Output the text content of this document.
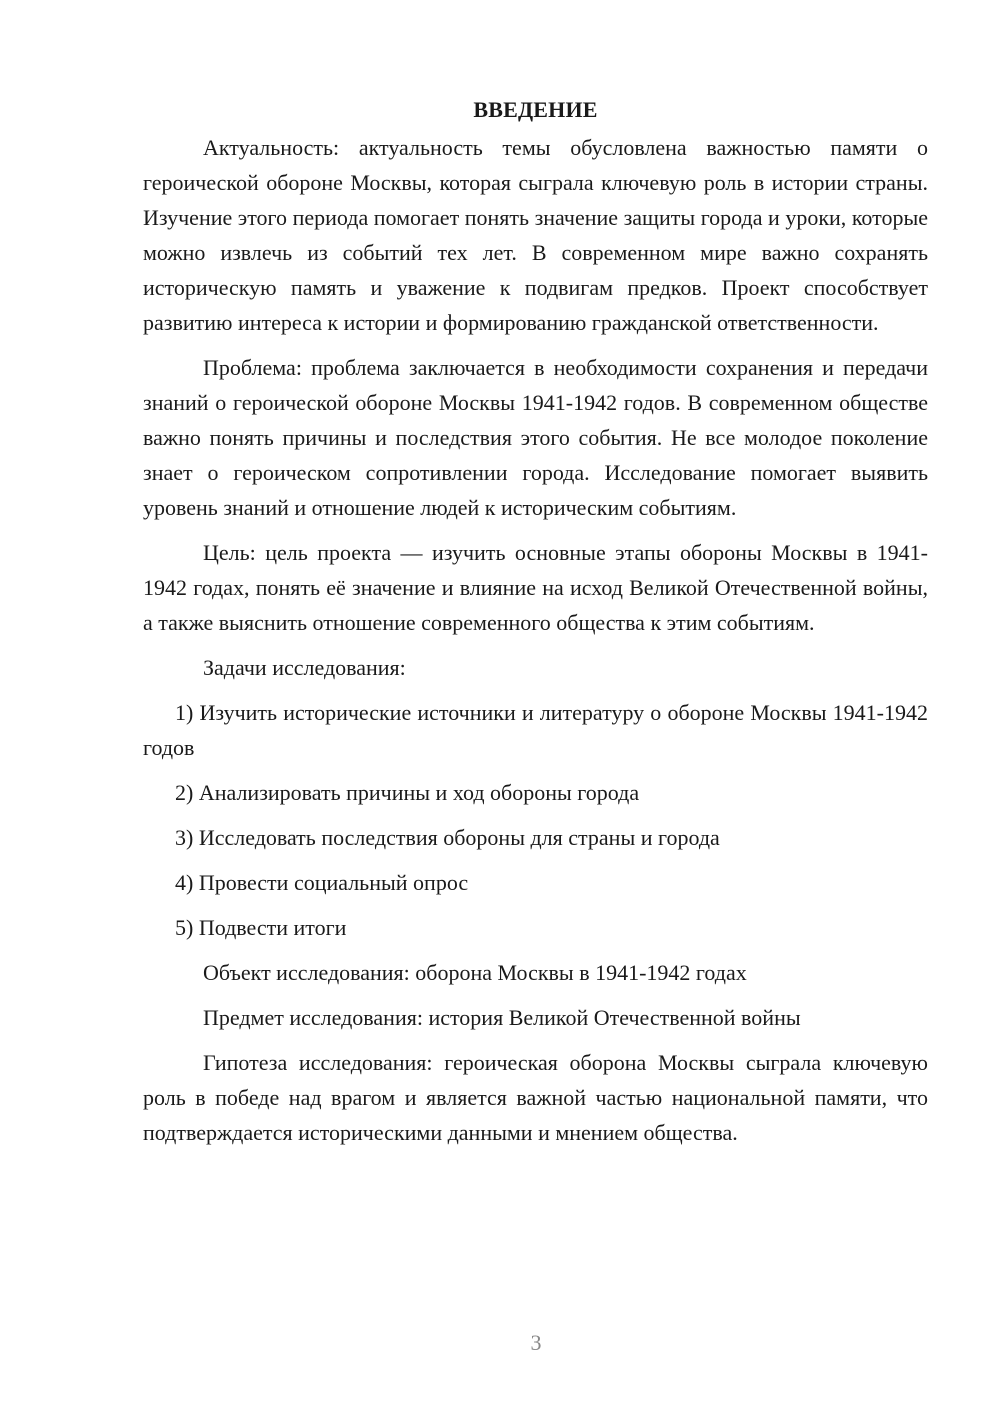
ВВЕДЕНИЕ

Актуальность: актуальность темы обусловлена важностью памяти о героической обороне Москвы, которая сыграла ключевую роль в истории страны. Изучение этого периода помогает понять значение защиты города и уроки, которые можно извлечь из событий тех лет. В современном мире важно сохранять историческую память и уважение к подвигам предков. Проект способствует развитию интереса к истории и формированию гражданской ответственности.

Проблема: проблема заключается в необходимости сохранения и передачи знаний о героической обороне Москвы 1941-1942 годов. В современном обществе важно понять причины и последствия этого события. Не все молодое поколение знает о героическом сопротивлении города. Исследование помогает выявить уровень знаний и отношение людей к историческим событиям.

Цель: цель проекта — изучить основные этапы обороны Москвы в 1941-1942 годах, понять её значение и влияние на исход Великой Отечественной войны, а также выяснить отношение современного общества к этим событиям.

Задачи исследования:

1) Изучить исторические источники и литературу о обороне Москвы 1941-1942 годов

2) Анализировать причины и ход обороны города

3) Исследовать последствия обороны для страны и города

4) Провести социальный опрос

5) Подвести итоги

Объект исследования: оборона Москвы в 1941-1942 годах

Предмет исследования: история Великой Отечественной войны

Гипотеза исследования: героическая оборона Москвы сыграла ключевую роль в победе над врагом и является важной частью национальной памяти, что подтверждается историческими данными и мнением общества.

3
